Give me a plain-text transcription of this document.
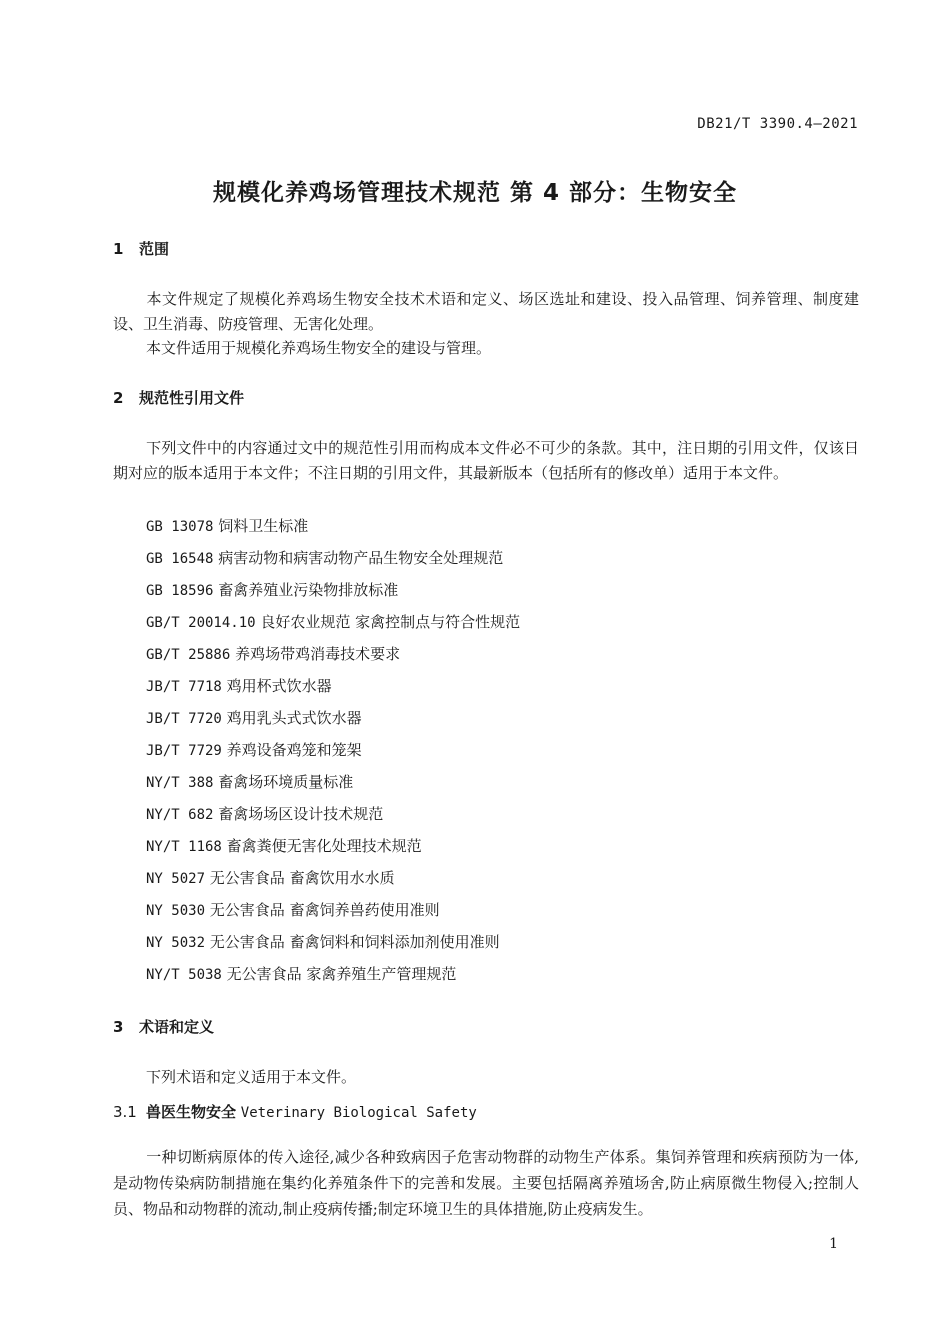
DB21/T 3390.4—2021
规模化养鸡场管理技术规范 第 4 部分：生物安全
1 范围
本文件规定了规模化养鸡场生物安全技术术语和定义、场区选址和建设、投入品管理、饲养管理、制度建设、卫生消毒、防疫管理、无害化处理。
本文件适用于规模化养鸡场生物安全的建设与管理。
2 规范性引用文件
下列文件中的内容通过文中的规范性引用而构成本文件必不可少的条款。其中，注日期的引用文件，仅该日期对应的版本适用于本文件；不注日期的引用文件，其最新版本（包括所有的修改单）适用于本文件。
GB 13078 饲料卫生标准
GB 16548 病害动物和病害动物产品生物安全处理规范
GB 18596 畜禽养殖业污染物排放标准
GB/T 20014.10 良好农业规范 家禽控制点与符合性规范
GB/T 25886 养鸡场带鸡消毒技术要求
JB/T 7718 鸡用杯式饮水器
JB/T 7720 鸡用乳头式式饮水器
JB/T 7729 养鸡设备鸡笼和笼架
NY/T 388 畜禽场环境质量标准
NY/T 682 畜禽场场区设计技术规范
NY/T 1168 畜禽粪便无害化处理技术规范
NY 5027 无公害食品 畜禽饮用水水质
NY 5030 无公害食品 畜禽饲养兽药使用准则
NY 5032 无公害食品 畜禽饲料和饲料添加剂使用准则
NY/T 5038 无公害食品 家禽养殖生产管理规范
3 术语和定义
下列术语和定义适用于本文件。
3.1 兽医生物安全 Veterinary Biological Safety
一种切断病原体的传入途径,减少各种致病因子危害动物群的动物生产体系。集饲养管理和疾病预防为一体,是动物传染病防制措施在集约化养殖条件下的完善和发展。主要包括隔离养殖场舍,防止病原微生物侵入;控制人员、物品和动物群的流动,制止疫病传播;制定环境卫生的具体措施,防止疫病发生。
1
